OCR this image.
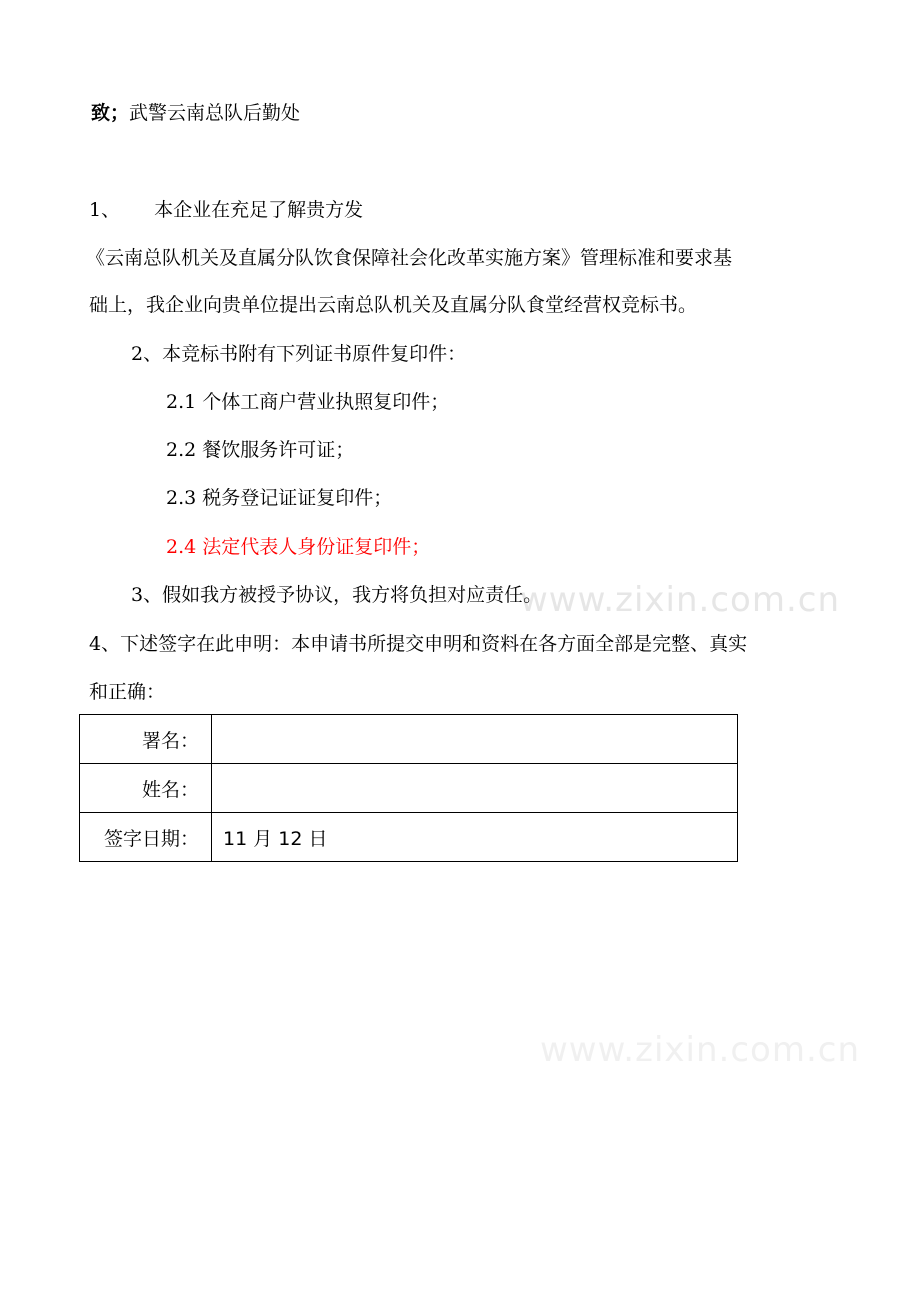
www.zixin.com.cn
www.zixin.com.cn
致；武警云南总队后勤处
1、 本企业在充足了解贵方发
《云南总队机关及直属分队饮食保障社会化改革实施方案》管理标准和要求基
础上，我企业向贵单位提出云南总队机关及直属分队食堂经营权竞标书。
2、本竞标书附有下列证书原件复印件：
2.1 个体工商户营业执照复印件；
2.2 餐饮服务许可证；
2.3 税务登记证证复印件；
2.4 法定代表人身份证复印件；
3、假如我方被授予协议，我方将负担对应责任。
4、下述签字在此申明：本申请书所提交申明和资料在各方面全部是完整、真实
和正确：
署名：	
姓名：	
签字日期：	11 月 12 日
